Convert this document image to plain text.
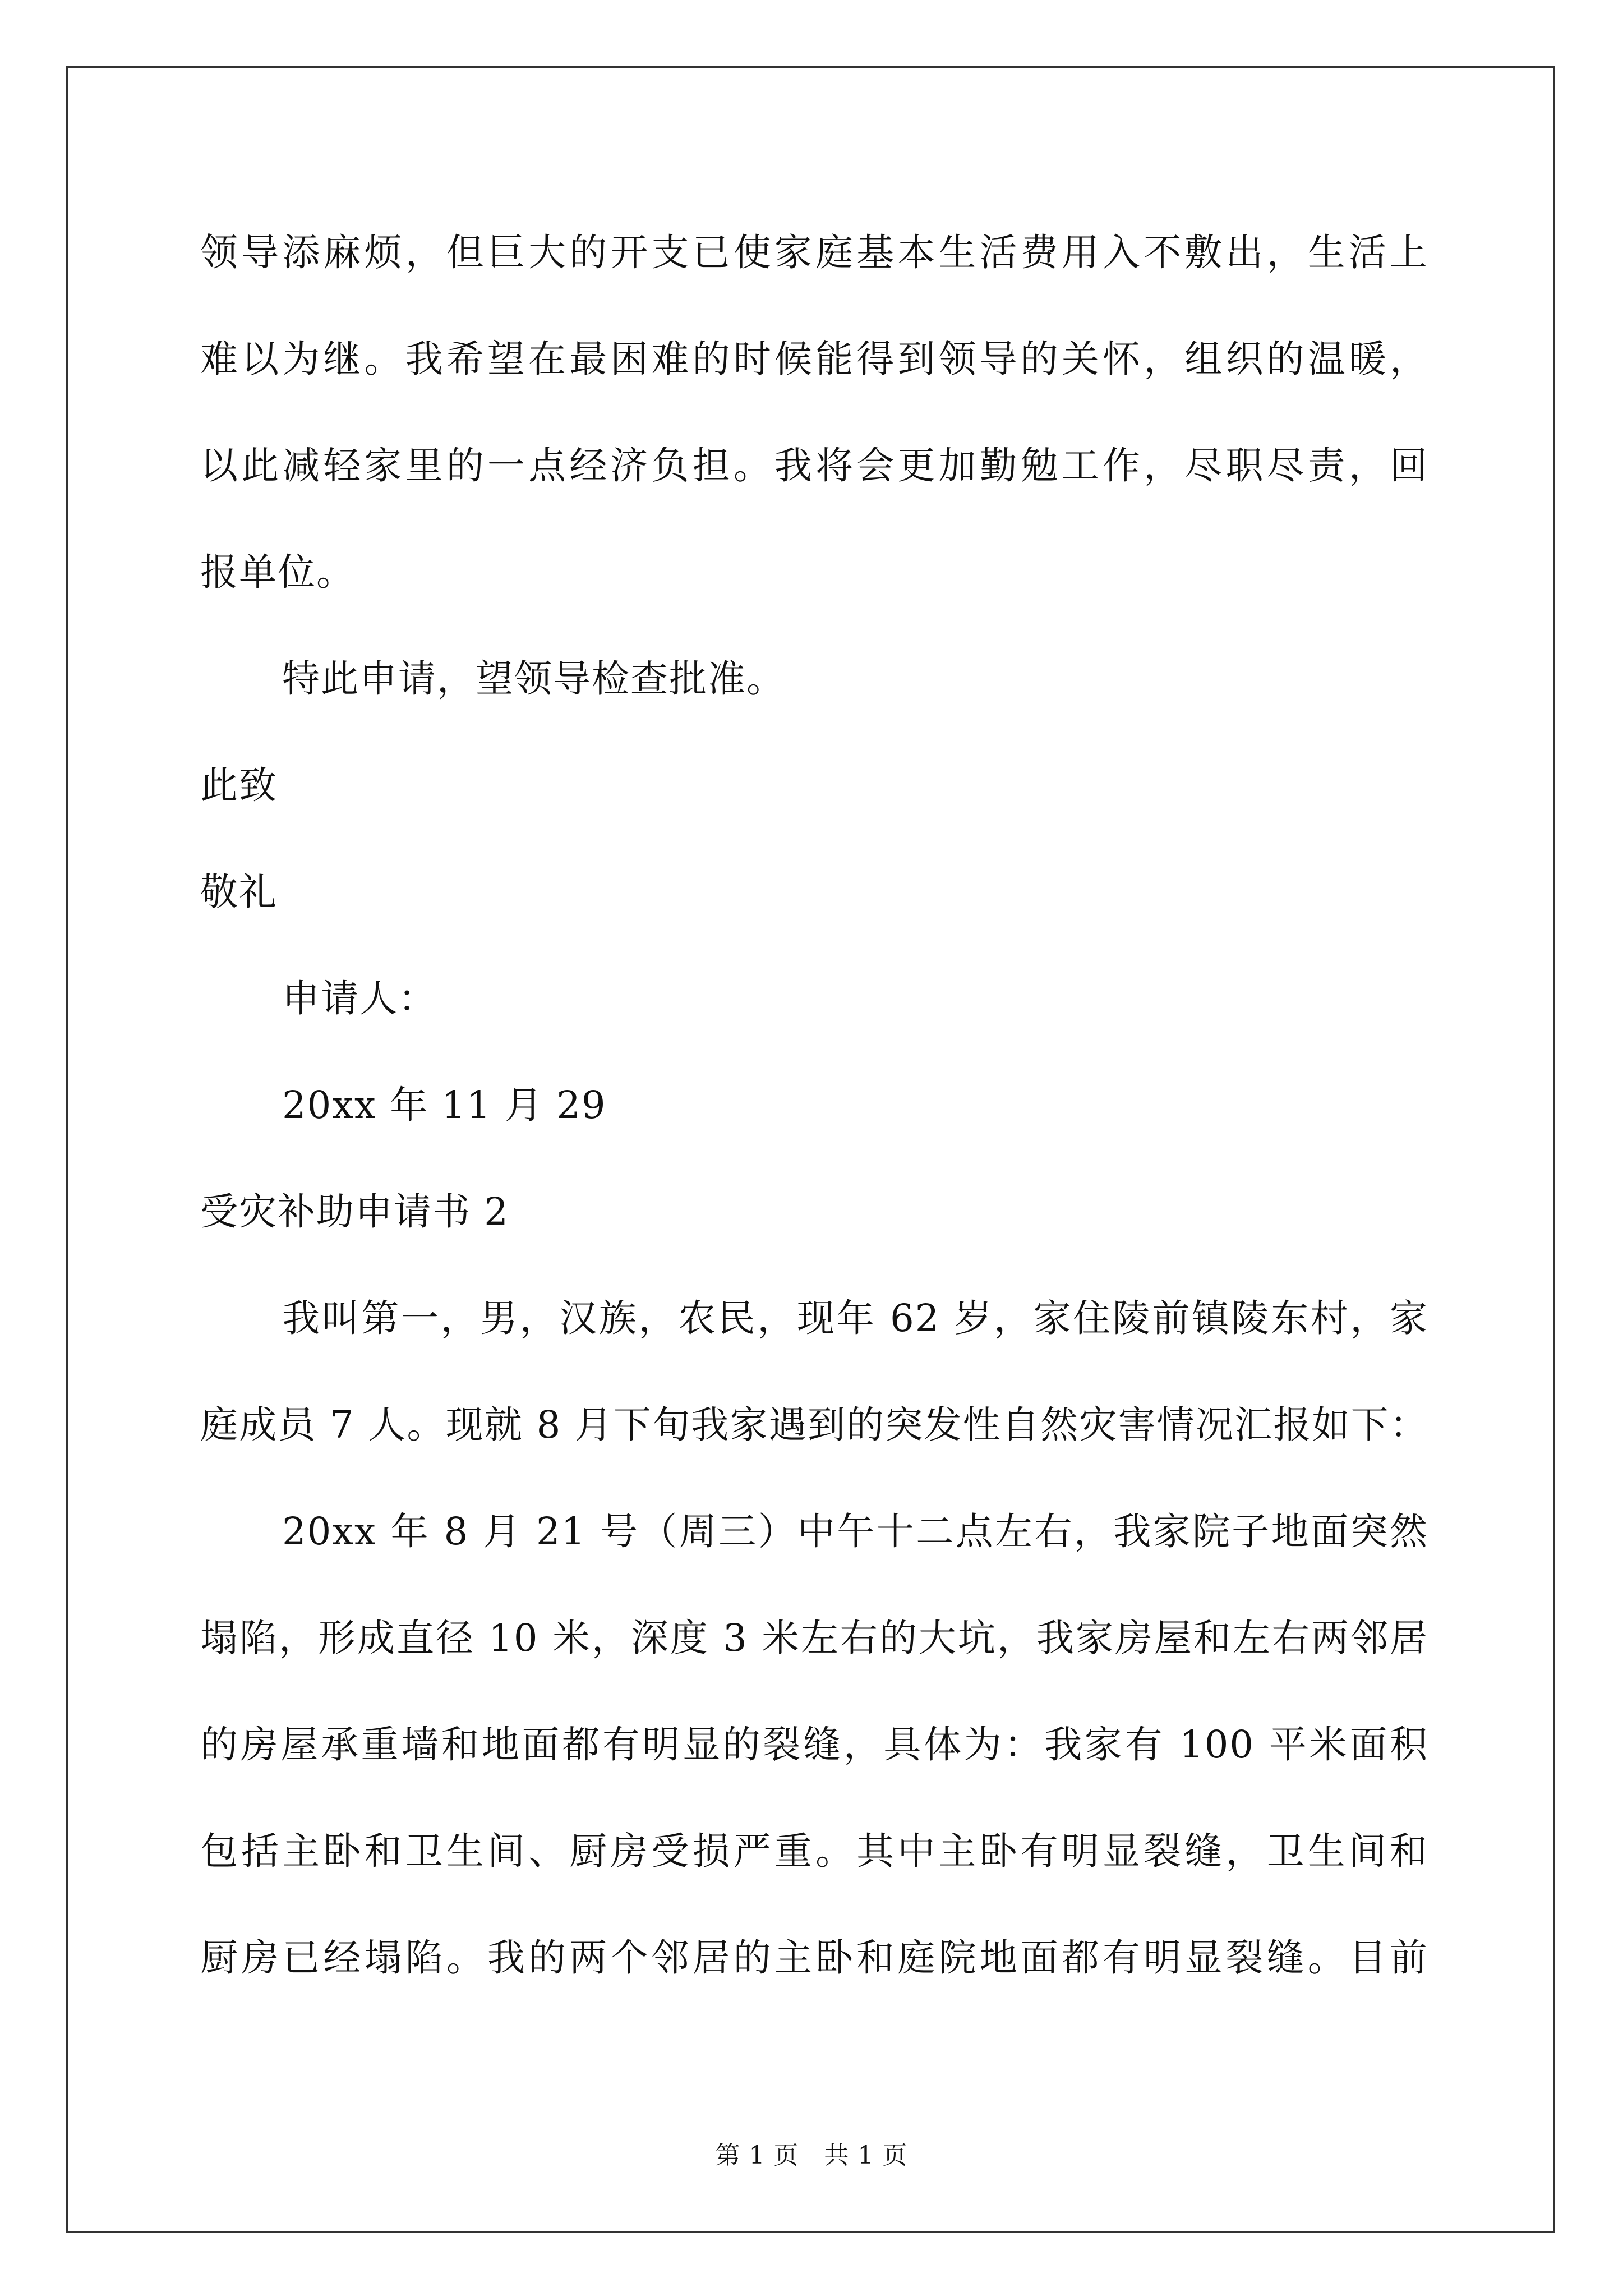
领导添麻烦，但巨大的开支已使家庭基本生活费用入不敷出，生活上
难以为继。我希望在最困难的时候能得到领导的关怀，组织的温暖，
以此减轻家里的一点经济负担。我将会更加勤勉工作，尽职尽责，回
报单位。
特此申请，望领导检查批准。
此致
敬礼
申请人：
20xx 年 11 月 29
受灾补助申请书 2
我叫第一，男，汉族，农民，现年 62 岁，家住陵前镇陵东村，家
庭成员 7 人。现就 8 月下旬我家遇到的突发性自然灾害情况汇报如下：
20xx 年 8 月 21 号（周三）中午十二点左右，我家院子地面突然
塌陷，形成直径 10 米，深度 3 米左右的大坑，我家房屋和左右两邻居
的房屋承重墙和地面都有明显的裂缝，具体为：我家有 100 平米面积
包括主卧和卫生间、厨房受损严重。其中主卧有明显裂缝，卫生间和
厨房已经塌陷。我的两个邻居的主卧和庭院地面都有明显裂缝。目前
第 1 页　共 1 页
